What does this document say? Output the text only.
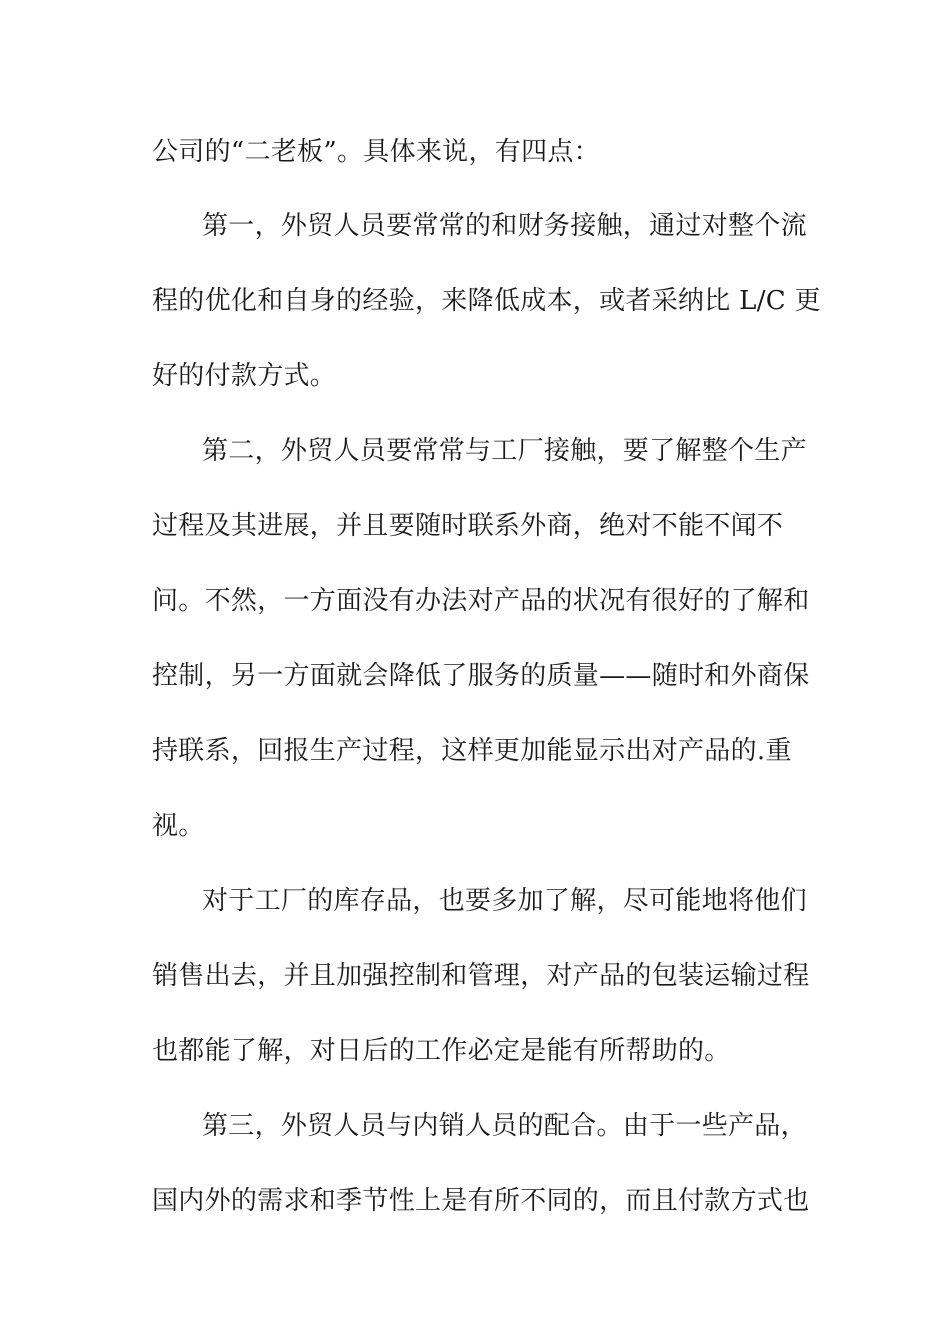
公司的“二老板”。具体来说，有四点：
第一，外贸人员要常常的和财务接触，通过对整个流
程的优化和自身的经验，来降低成本，或者采纳比 L/C 更
好的付款方式。
第二，外贸人员要常常与工厂接触，要了解整个生产
过程及其进展，并且要随时联系外商，绝对不能不闻不
问。不然，一方面没有办法对产品的状况有很好的了解和
控制，另一方面就会降低了服务的质量——随时和外商保
持联系，回报生产过程，这样更加能显示出对产品的.重
视。
对于工厂的库存品，也要多加了解，尽可能地将他们
销售出去，并且加强控制和管理，对产品的包装运输过程
也都能了解，对日后的工作必定是能有所帮助的。
第三，外贸人员与内销人员的配合。由于一些产品，
国内外的需求和季节性上是有所不同的，而且付款方式也
